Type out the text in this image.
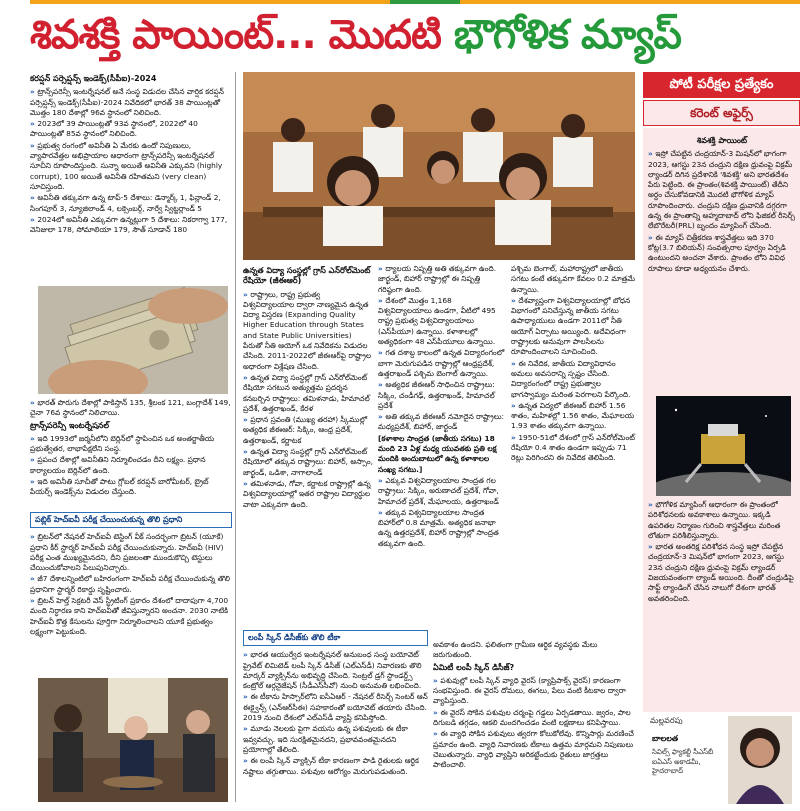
శివశక్తి పాయింట్... మొదటి భౌగోళిక మ్యాప్
కరప్షన్ పర్సెప్షన్స్ ఇండెక్స్(సీపీఐ)-2024

» ట్రాన్స్‌పరెన్సీ ఇంటర్నేషనల్ అనే సంస్థ విడుదల చేసిన వార్షిక కరప్షన్ పర్సెప్షన్స్ ఇండెక్స్(సీపీఐ)-2024 నివేదికలో భారత్ 38 పాయింట్లతో మొత్తం 180 దేశాల్లో 96వ స్థానంలో నిలిచింది.

» 2023లో 39 పాయింట్లతో 93వ స్థానంలో, 2022లో 40 పాయింట్లతో 85వ స్థానంలో నిలిచింది.

» ప్రభుత్వ రంగంలో అవినీతి ఏ మేరకు ఉందో నిపుణులు, వ్యాపారవేత్తల అభిప్రాయాల ఆధారంగా ట్రాన్స్‌పరెన్సీ ఇంటర్నేషనల్ సూచీని రూపొందిస్తుంది. సున్నా అయితే అవినీతి ఎక్కువని (highly corrupt), 100 అయితే అవినీతి రహితమని (very clean) సూచిస్తుంది.

» అవినీతి తక్కువగా ఉన్న టాప్-5 దేశాలు: డెన్మార్క్ 1, ఫిన్లాండ్ 2, సింగపూర్ 3, న్యూజిలాండ్ 4, లక్సెంబర్గ్, నార్వే స్విట్జర్లాండ్ 5

» 2024లో అవినీతి ఎక్కువగా ఉన్నట్లుగా 5 దేశాలు: నికరాగ్వా 177, వెనిజులా 178, సోమాలియా 179, సౌత్ సూడాన్ 180

» భారత్ పొరుగు దేశాల్లో పాకిస్తాన్ 135, శ్రీలంక 121, బంగ్లాదేశ్ 149, చైనా 76వ స్థానంలో నిలిచాయి.

ట్రాన్స్‌పరెన్సీ ఇంటర్నేషనల్

» ఇది 1993లో జర్మనీలోని బెర్లిన్‌లో స్థాపించిన ఒక అంతర్జాతీయ ప్రభుత్వేతర, లాభాపేక్షలేని సంస్థ.

» ప్రపంచ దేశాల్లో అవినీతిని నిర్మూలించడం దీని లక్ష్యం. ప్రధాన కార్యాలయం బెర్లిన్‌లో ఉంది.

» ఇది అవినీతి సూచీతో పాటు గ్లోబల్ కరప్షన్ బారోమీటర్, బ్రైబ్ పేయర్స్ ఇండెక్స్‌ను విడుదల చేస్తుంది.

పబ్లిక్ హెచ్ఐవీ పరీక్ష చేయించుకున్న తొలి ప్రధాని

» బ్రిటన్‌లో నేషనల్ హెచ్ఐవీ టెస్టింగ్ వీక్ సందర్భంగా బ్రిటన్ (యూకే) ప్రధాని కీర్ స్టార్మర్ హెచ్ఐవీ పరీక్ష చేయించుకున్నారు. హెచ్ఐవీ (HIV) పరీక్ష ఎంత ముఖ్యమైనదని, దీని ప్రజలంతా ముందుకొచ్చి టెస్టులు చేయించుకోవాలని పిలుపునిచ్చారు.

» జీ7 దేశాలన్నింటిలో బహిరంగంగా హెచ్ఐవీ పరీక్ష చేయించుకున్న తొలి ప్రధానిగా స్టార్మర్ రికార్డు సృష్టించారు.

» బ్రిటన్ హెల్త్ సెక్రటరీ వెస్ స్ట్రీటింగ్ ప్రకారం దేశంలో దాదాపుగా 4,700 మంది నిర్ధారణ కాని హెచ్ఐవీతో జీవిస్తున్నారని అంచనా. 2030 నాటికి హెచ్ఐవీ కొత్త కేసులను పూర్తిగా నిర్మూలించాలని యూకే ప్రభుత్వం లక్ష్యంగా పెట్టుకుంది.

ఉన్నత విద్యా సంస్థల్లో గ్రాస్ ఎన్‌రోల్‌మెంట్ రేషియో (జీఈఆర్)

» రాష్ట్రాలు, రాష్ట్ర ప్రభుత్వ విశ్వవిద్యాలయాల ద్వారా నాణ్యమైన ఉన్నత విద్యా విస్తరణ (Expanding Quality Higher Education through States and State Public Universities) పేరుతో నీతి ఆయోగ్ ఒక నివేదికను విడుదల చేసింది. 2011-2022లో జీఈఆర్‌పై రాష్ట్రాల అధారంగా విశ్లేషణ చేసింది.

» ఉన్నత విద్యా సంస్థల్లో గ్రాస్ ఎన్‌రోల్‌మెంట్ రేషియో సగటున అత్యుత్తమ ప్రదర్శన కనబర్చిన రాష్ట్రాలు: తమిళనాడు, హిమాచల్ ప్రదేశ్, ఉత్తరాఖండ్, కేరళ

» ప్రధాన స్రవంతి (ముఖ్య తరహా) స్కీముల్లో అత్యధిక జీఈఆర్: సిక్కిం, ఆంధ్ర ప్రదేశ్, ఉత్తరాఖండ్, కర్ణాటక

» ఉన్నత విద్యా సంస్థల్లో గ్రాస్ ఎన్‌రోల్‌మెంట్ రేషియోలో తక్కువ రాష్ట్రాలు: బిహార్, అస్సాం, జార్ఖండ్, ఒడిశా, నాగాలాండ్

» తమిళనాడు, గోవా, కర్ణాటక రాష్ట్రాల్లో ఉన్న విశ్వవిద్యాలయాల్లో ఇతర రాష్ట్రాల విద్యార్థుల వాటా ఎక్కువగా ఉంది.

» ద్యాలయ నిష్పత్తి అతి తక్కువగా ఉంది. జార్ఖండ్, బిహార్ రాష్ట్రాల్లో ఈ నిష్పత్తి గరిష్ఠంగా ఉంది.

» దేశంలో మొత్తం 1,168 విశ్వవిద్యాలయాలు ఉండగా, వీటిలో 495 రాష్ట్ర ప్రభుత్వ విశ్వవిద్యాలయాలు (ఎస్‌పీయూ) ఉన్నాయి. కళాశాలల్లో అత్యధికంగా 48 ఎస్‌పీయూలు ఉన్నాయి.

» గత దశాబ్ద కాలంలో ఉన్నత విద్యారంగంలో బాగా మెరుగుపడిన రాష్ట్రాల్లో ఆంధ్రప్రదేశ్, ఉత్తరాఖండ్ పశ్చిమ బెంగాల్ ఉన్నాయి.

» అత్యధిక జీఈఆర్ సాధించిన రాష్ట్రాలు: సిక్కిం, చండీగఢ్, ఉత్తరాఖండ్, హిమాచల్ ప్రదేశ్

» అతి తక్కువ జీఈఆర్ నమోదైన రాష్ట్రాలు: మధ్యప్రదేశ్, బిహార్, జార్ఖండ్

[కళాశాల సాంద్రత (జాతీయ సగటు) 18 మంది 23 ఏళ్ల మధ్య యువతకు ప్రతి లక్ష మందికి అందుబాటులో ఉన్న కళాశాలల సంఖ్య సగటు.]

» ఎక్కువ విశ్వవిద్యాలయాల సాంద్రత గల రాష్ట్రాలు: సిక్కిం, అరుణాచల్ ప్రదేశ్, గోవా, హిమాచల్ ప్రదేశ్, మేఘాలయ, ఉత్తరాఖండ్

» తక్కువ విశ్వవిద్యాలయాల సాంద్రత బిహార్‌లో 0.8 మాత్రమే. అత్యధిక జనాభా ఉన్న ఉత్తరప్రదేశ్, బిహార్ రాష్ట్రాల్లో సాంద్రత తక్కువగా ఉంది.

పశ్చిమ బెంగాల్, మహారాష్ట్రలో జాతీయ సగటు కంటే తక్కువగా కేవలం 0.2 మాత్రమే ఉన్నాయి.

» దేశవ్యాప్తంగా విశ్వవిద్యాలయాల్లో బోధన విభాగంలో పనిచేస్తున్న జాతీయ సగటు ఉపాధ్యాయులు ఉండగా 2011లో నీతి ఆయోగ్ ఏర్పాటు అయ్యింది. అదేవిధంగా రాష్ట్రాలకు అనువుగా పాలసీలను రూపొందించాలని సూచించింది.

» ఈ నివేదిక, జాతీయ విద్యావిధానం అమలు అవసరాన్ని స్పష్టం చేసింది. విద్యారంగంలో రాష్ట్ర ప్రభుత్వాల భాగస్వామ్యం మరింత పెరగాలని పేర్కొంది.

» ఉన్నత విద్యలో జీఈఆర్ బిహార్ 1.56 శాతం, మహిళల్లో 1.56 శాతం, మేఘాలయ 1.93 శాతం తక్కువగా ఉన్నాయి.

» 1950-51లో దేశంలో గ్రాస్ ఎన్‌రోల్‌మెంట్ రేషియో 0.4 శాతం ఉండగా ఇప్పుడు 71 రెట్లు పెరిగిందని ఈ నివేదిక తెలిపింది.

లంపీ స్కిన్ డిసీజ్‌కు తొలి టీకా

» భారత ఆయుర్వేద ఇంటర్నేషనల్ అనుబంధ సంస్థ బయోవెట్ ప్రైవేట్ లిమిటెడ్ లంపీ స్కిన్ డిసీజ్ (ఎల్ఎస్‌డీ) నివారణకు తొలి మార్కర్ వ్యాక్సిన్‌ను అభివృద్ధి చేసింది. సెంట్రల్ డ్రగ్ స్టాండర్డ్స్ కంట్రోల్ ఆర్గనైజేషన్ (సీడీఎస్‌సీవో) నుంచి అనుమతి లభించింది.

» ఈ టీకాను హిస్సార్‌లోని ఐసీఏఆర్ - నేషనల్ రీసెర్చ్ సెంటర్ ఆన్ ఈక్వైన్స్ (ఎన్ఆర్‌సీఈ) సహకారంతో బయోవెట్ తయారు చేసింది. 2019 నుంచి దేశంలో ఎల్ఎస్‌డీ వ్యాప్తి కనిపిస్తోంది.

» మూడు నెలలకు పైగా వయసు ఉన్న పశువులకు ఈ టీకా ఇవ్వవచ్చు. ఇది సురక్షితమైనదని, ప్రభావవంతమైనదని ప్రయోగాల్లో తేలింది.

» ఈ లంపీ స్కిన్ వ్యాక్సిన్ టీకా కారణంగా పాడి రైతులకు ఆర్థిక నష్టాలు తగ్గుతాయి. పశువుల ఆరోగ్యం మెరుగుపడుతుంది.

అవకాశం ఉందని. ఫలితంగా గ్రామీణ ఆర్థిక వ్యవస్థకు మేలు జరుగుతుంది.

ఏమిటీ లంపీ స్కిన్ డిసీజ్?

» పశువుల్లో లంపీ స్కిన్ వ్యాధి వైరస్ (క్యాప్రిపాక్స్ వైరస్) కారణంగా సంభవిస్తుంది. ఈ వైరస్ దోమలు, ఈగలు, పేలు వంటి కీటకాల ద్వారా వ్యాపిస్తుంది.

» ఈ వైరస్ సోకిన పశువుల చర్మంపై గడ్డలు ఏర్పడతాయి. జ్వరం, పాల దిగుబడి తగ్గడం, ఆకలి మందగించడం వంటి లక్షణాలు కనిపిస్తాయి.

» ఈ వ్యాధి సోకిన పశువులు త్వరగా కోలుకోలేవు. కొన్నిసార్లు మరణించే ప్రమాదం ఉంది. వ్యాధి నివారణకు టీకాలు ఉత్తమ మార్గమని నిపుణులు చెబుతున్నారు. వ్యాధి వ్యాప్తిని అరికట్టేందుకు రైతులు జాగ్రత్తలు పాటించాలి.

పోటీ పరీక్షల ప్రత్యేకం
కరెంట్ అఫైర్స్
శివశక్తి పాయింట్

» ఇస్రో చేపట్టిన చంద్రయాన్-3 మిషన్‌లో భాగంగా 2023, ఆగస్టు 23న చంద్రుని దక్షిణ ధ్రువంపై విక్రమ్ ల్యాండర్ దిగిన ప్రదేశానికి 'శివశక్తి' అని భారతదేశం పేరు పెట్టింది. ఈ ప్రాంతం(శివశక్తి పాయింట్) తేదీని అర్థం చేసుకోవడానికి మొదటి భౌగోళిక మ్యాప్ రూపొందించారు. చంద్రుని దక్షిణ ధ్రువానికి దగ్గరగా ఉన్న ఈ ప్రాంతాన్ని అహ్మదాబాద్ లోని ఫిజికల్ రీసెర్చ్ లేబొరేటరీ(PRL) బృందం మ్యాపింగ్ చేసింది.

» ఈ మ్యాప్ చిత్రీకరణ శాస్త్రవేత్తలు ఇది 370 కోట్ల(3.7 బిలియన్) సంవత్సరాల పూర్వం ఏర్పడి ఉంటుందని అంచనా వేశారు. ప్రాంతం లోని వివిధ రూపాలు కూడా అధ్యయనం చేశారు.

» భౌగోళిక మ్యాపింగ్ ఆధారంగా ఈ ప్రాంతంలో పరిశోధనలకు అవకాశాలు ఉన్నాయి. ఇక్కడి ఉపరితల నిర్మాణం గురించి శాస్త్రవేత్తలు మరింత లోతుగా పరిశీలిస్తున్నారు.

» భారత అంతరిక్ష పరిశోధన సంస్థ ఇస్రో చేపట్టిన చంద్రయాన్-3 మిషన్‌లో భాగంగా 2023, ఆగస్టు 23న చంద్రుని దక్షిణ ధ్రువంపై విక్రమ్ ల్యాండర్ విజయవంతంగా ల్యాండ్ అయింది. దీంతో చంద్రుడిపై సాఫ్ట్ ల్యాండింగ్ చేసిన నాలుగో దేశంగా భారత్ అవతరించింది.

మల్లవరపు
బాలలత
సివిల్స్ ఫ్యాకల్టీ సీఎస్‌బీ ఐఏఎస్ అకాడమీ, హైదరాబాద్
